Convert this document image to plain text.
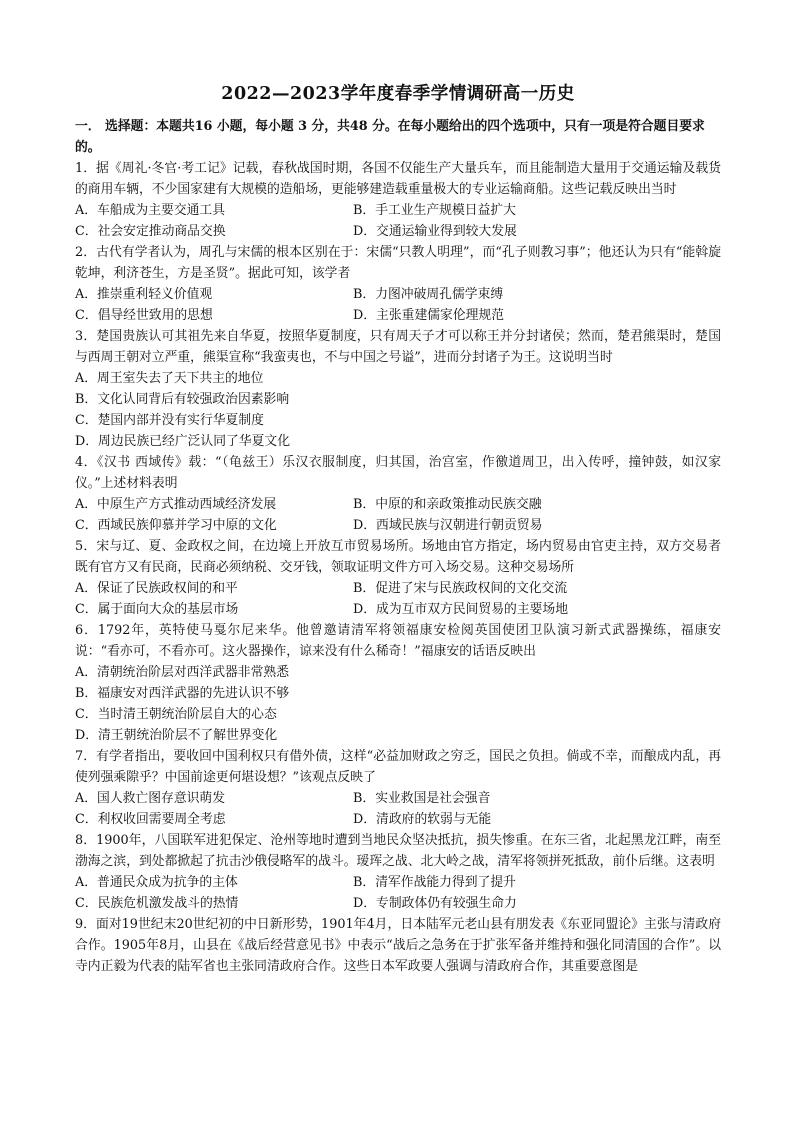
2022—2023学年度春季学情调研高一历史
一． 选择题：本题共16 小题，每小题 3 分，共48 分。在每小题给出的四个选项中，只有一项是符合题目要求的。
1．据《周礼·冬官·考工记》记载，春秋战国时期，各国不仅能生产大量兵车，而且能制造大量用于交通运输及载货的商用车辆，不少国家建有大规模的造船场，更能够建造载重量极大的专业运输商船。这些记载反映出当时
A．车船成为主要交通工具	B．手工业生产规模日益扩大
C．社会安定推动商品交换	D．交通运输业得到较大发展
2．古代有学者认为，周孔与宋儒的根本区别在于：宋儒“只教人明理”，而“孔子则教习事”；他还认为只有“能斡旋乾坤，利济苍生，方是圣贤”。据此可知，该学者
A．推崇重利轻义价值观	B．力图冲破周孔儒学束缚
C．倡导经世致用的思想	D．主张重建儒家伦理规范
3．楚国贵族认可其祖先来自华夏，按照华夏制度，只有周天子才可以称王并分封诸侯；然而，楚君熊渠时，楚国与西周王朝对立严重，熊渠宣称“我蛮夷也，不与中国之号谥”，进而分封诸子为王。这说明当时
A．周王室失去了天下共主的地位
B．文化认同背后有较强政治因素影响
C．楚国内部并没有实行华夏制度
D．周边民族已经广泛认同了华夏文化
4．《汉书 西域传》载：“（龟兹王）乐汉衣服制度，归其国，治宫室，作徼道周卫，出入传呼，撞钟鼓，如汉家仪。”上述材料表明
A．中原生产方式推动西域经济发展	B．中原的和亲政策推动民族交融
C．西域民族仰慕并学习中原的文化	D．西域民族与汉朝进行朝贡贸易
5．宋与辽、夏、金政权之间，在边境上开放互市贸易场所。场地由官方指定，场内贸易由官吏主持，双方交易者既有官方又有民商，民商必须纳税、交牙钱，领取证明文件方可入场交易。这种交易场所
A．保证了民族政权间的和平	B．促进了宋与民族政权间的文化交流
C．属于面向大众的基层市场	D．成为互市双方民间贸易的主要场地
6．1792年，英特使马戛尔尼来华。他曾邀请清军将领福康安检阅英国使团卫队演习新式武器操练，福康安说：“看亦可，不看亦可。这火器操作，谅来没有什么稀奇！”福康安的话语反映出
A．清朝统治阶层对西洋武器非常熟悉
B．福康安对西洋武器的先进认识不够
C．当时清王朝统治阶层自大的心态
D．清王朝统治阶层不了解世界变化
7．有学者指出，要收回中国利权只有借外债，这样“必益加财政之穷乏，国民之负担。倘或不幸，而酿成内乱，再使列强乘隙乎？中国前途更何堪设想？”该观点反映了
A．国人救亡图存意识萌发	B．实业救国是社会强音
C．利权收回需要周全考虑	D．清政府的软弱与无能
8．1900年，八国联军进犯保定、沧州等地时遭到当地民众坚决抵抗，损失惨重。在东三省，北起黑龙江畔，南至渤海之滨，到处都掀起了抗击沙俄侵略军的战斗。瑷珲之战、北大岭之战，清军将领拼死抵敌，前仆后继。这表明
A．普通民众成为抗争的主体	B．清军作战能力得到了提升
C．民族危机激发战斗的热情	D．专制政体仍有较强生命力
9．面对19世纪末20世纪初的中日新形势，1901年4月，日本陆军元老山县有朋发表《东亚同盟论》主张与清政府合作。1905年8月，山县在《战后经营意见书》中表示“战后之急务在于扩张军备并维持和强化同清国的合作”。以寺内正毅为代表的陆军省也主张同清政府合作。这些日本军政要人强调与清政府合作，其重要意图是
